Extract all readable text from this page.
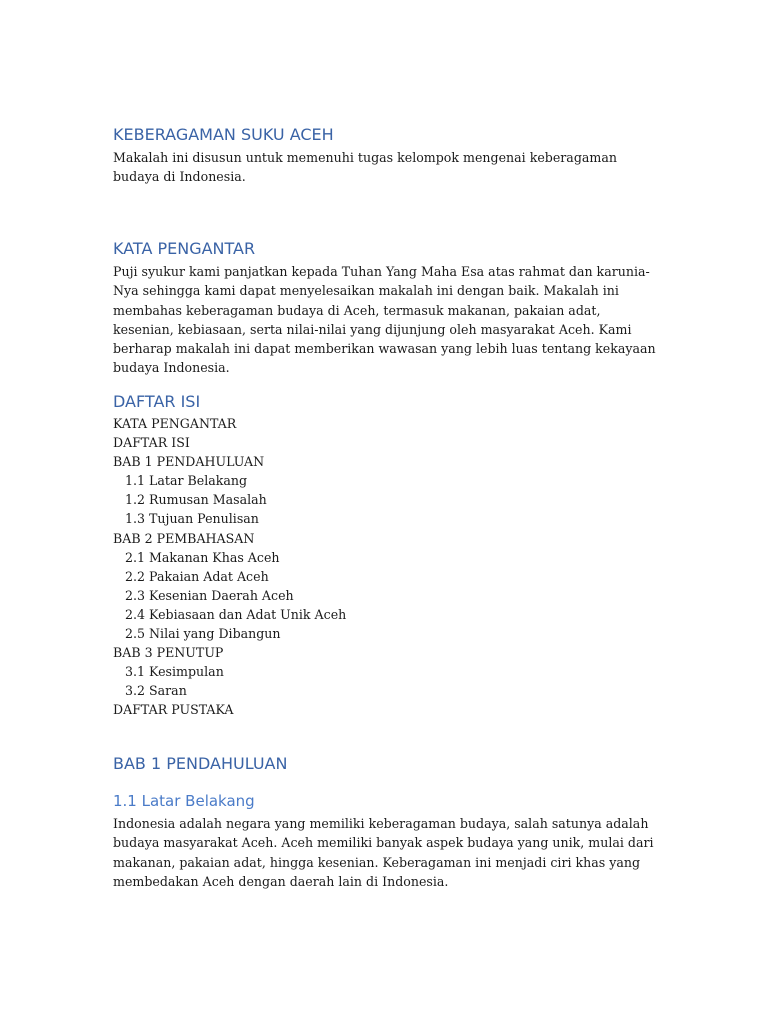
KEBERAGAMAN SUKU ACEH

Makalah ini disusun untuk memenuhi tugas kelompok mengenai keberagaman budaya di Indonesia.

KATA PENGANTAR

Puji syukur kami panjatkan kepada Tuhan Yang Maha Esa atas rahmat dan karunia-Nya sehingga kami dapat menyelesaikan makalah ini dengan baik. Makalah ini membahas keberagaman budaya di Aceh, termasuk makanan, pakaian adat, kesenian, kebiasaan, serta nilai-nilai yang dijunjung oleh masyarakat Aceh. Kami berharap makalah ini dapat memberikan wawasan yang lebih luas tentang kekayaan budaya Indonesia.

DAFTAR ISI
KATA PENGANTAR
DAFTAR ISI
BAB 1 PENDAHULUAN
1.1 Latar Belakang
1.2 Rumusan Masalah
1.3 Tujuan Penulisan
BAB 2 PEMBAHASAN
2.1 Makanan Khas Aceh
2.2 Pakaian Adat Aceh
2.3 Kesenian Daerah Aceh
2.4 Kebiasaan dan Adat Unik Aceh
2.5 Nilai yang Dibangun
BAB 3 PENUTUP
3.1 Kesimpulan
3.2 Saran
DAFTAR PUSTAKA
BAB 1 PENDAHULUAN
1.1 Latar Belakang

Indonesia adalah negara yang memiliki keberagaman budaya, salah satunya adalah budaya masyarakat Aceh. Aceh memiliki banyak aspek budaya yang unik, mulai dari makanan, pakaian adat, hingga kesenian. Keberagaman ini menjadi ciri khas yang membedakan Aceh dengan daerah lain di Indonesia.
